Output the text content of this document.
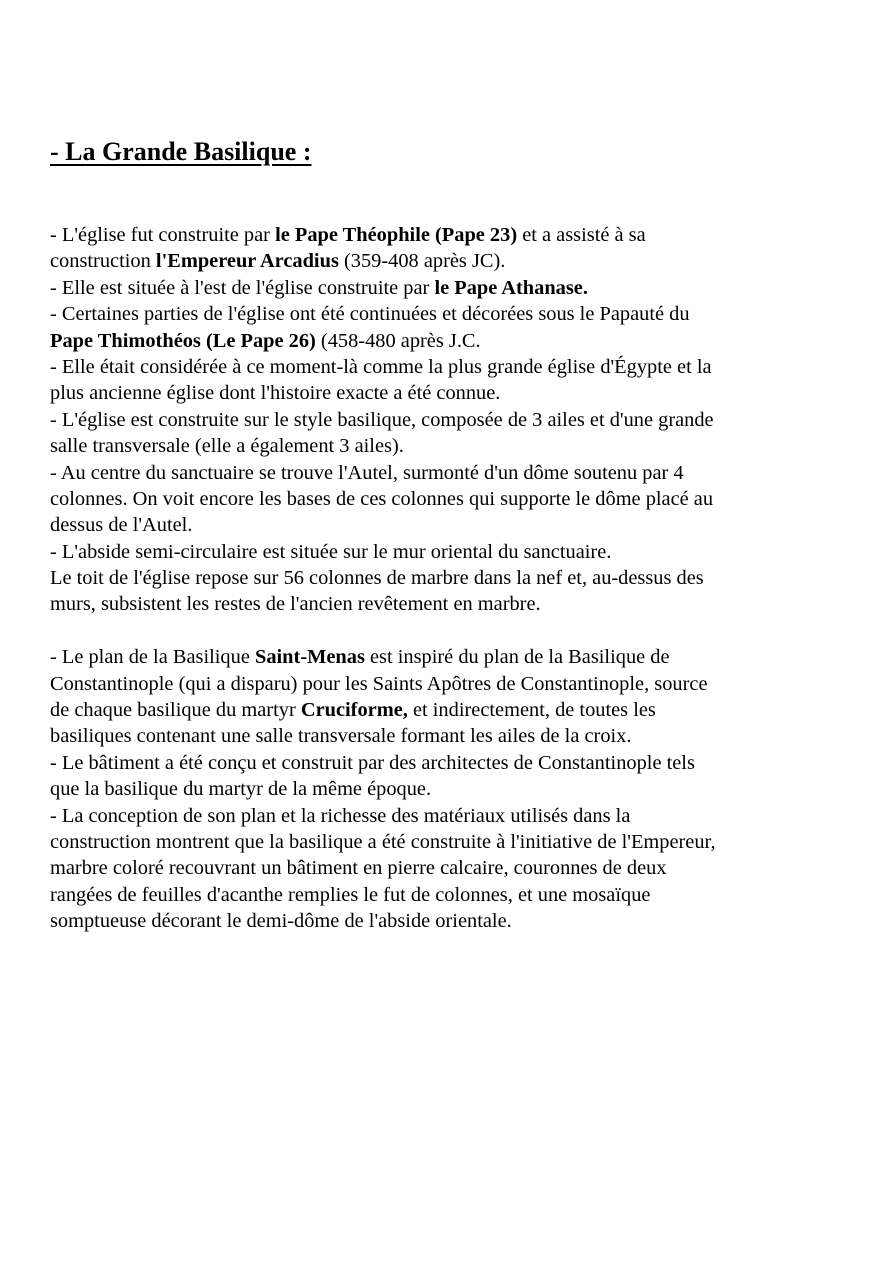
- La Grande Basilique :
- L'église fut construite par le Pape Théophile (Pape 23) et a assisté à sa
construction l'Empereur Arcadius (359-408 après JC).
- Elle est située à l'est de l'église construite par le Pape Athanase.
- Certaines parties de l'église ont été continuées et décorées sous le Papauté du
Pape Thimothéos (Le Pape 26) (458-480 après J.C.
- Elle était considérée à ce moment-là comme la plus grande église d'Égypte et la
plus ancienne église dont l'histoire exacte a été connue.
- L'église est construite sur le style basilique, composée de 3 ailes et d'une grande
salle transversale (elle a également 3 ailes).
- Au centre du sanctuaire se trouve l'Autel, surmonté d'un dôme soutenu par 4
colonnes. On voit encore les bases de ces colonnes qui supporte le dôme placé au
dessus de l'Autel.
- L'abside semi-circulaire est située sur le mur oriental du sanctuaire.
Le toit de l'église repose sur 56 colonnes de marbre dans la nef et, au-dessus des
murs, subsistent les restes de l'ancien revêtement en marbre.
- Le plan de la Basilique Saint-Menas est inspiré du plan de la Basilique de
Constantinople (qui a disparu) pour les Saints Apôtres de Constantinople, source
de chaque basilique du martyr Cruciforme, et indirectement, de toutes les
basiliques contenant une salle transversale formant les ailes de la croix.
- Le bâtiment a été conçu et construit par des architectes de Constantinople tels
que la basilique du martyr de la même époque.
- La conception de son plan et la richesse des matériaux utilisés dans la
construction montrent que la basilique a été construite à l'initiative de l'Empereur,
marbre coloré recouvrant un bâtiment en pierre calcaire, couronnes de deux
rangées de feuilles d'acanthe remplies le fut de colonnes, et une mosaïque
somptueuse décorant le demi-dôme de l'abside orientale.
